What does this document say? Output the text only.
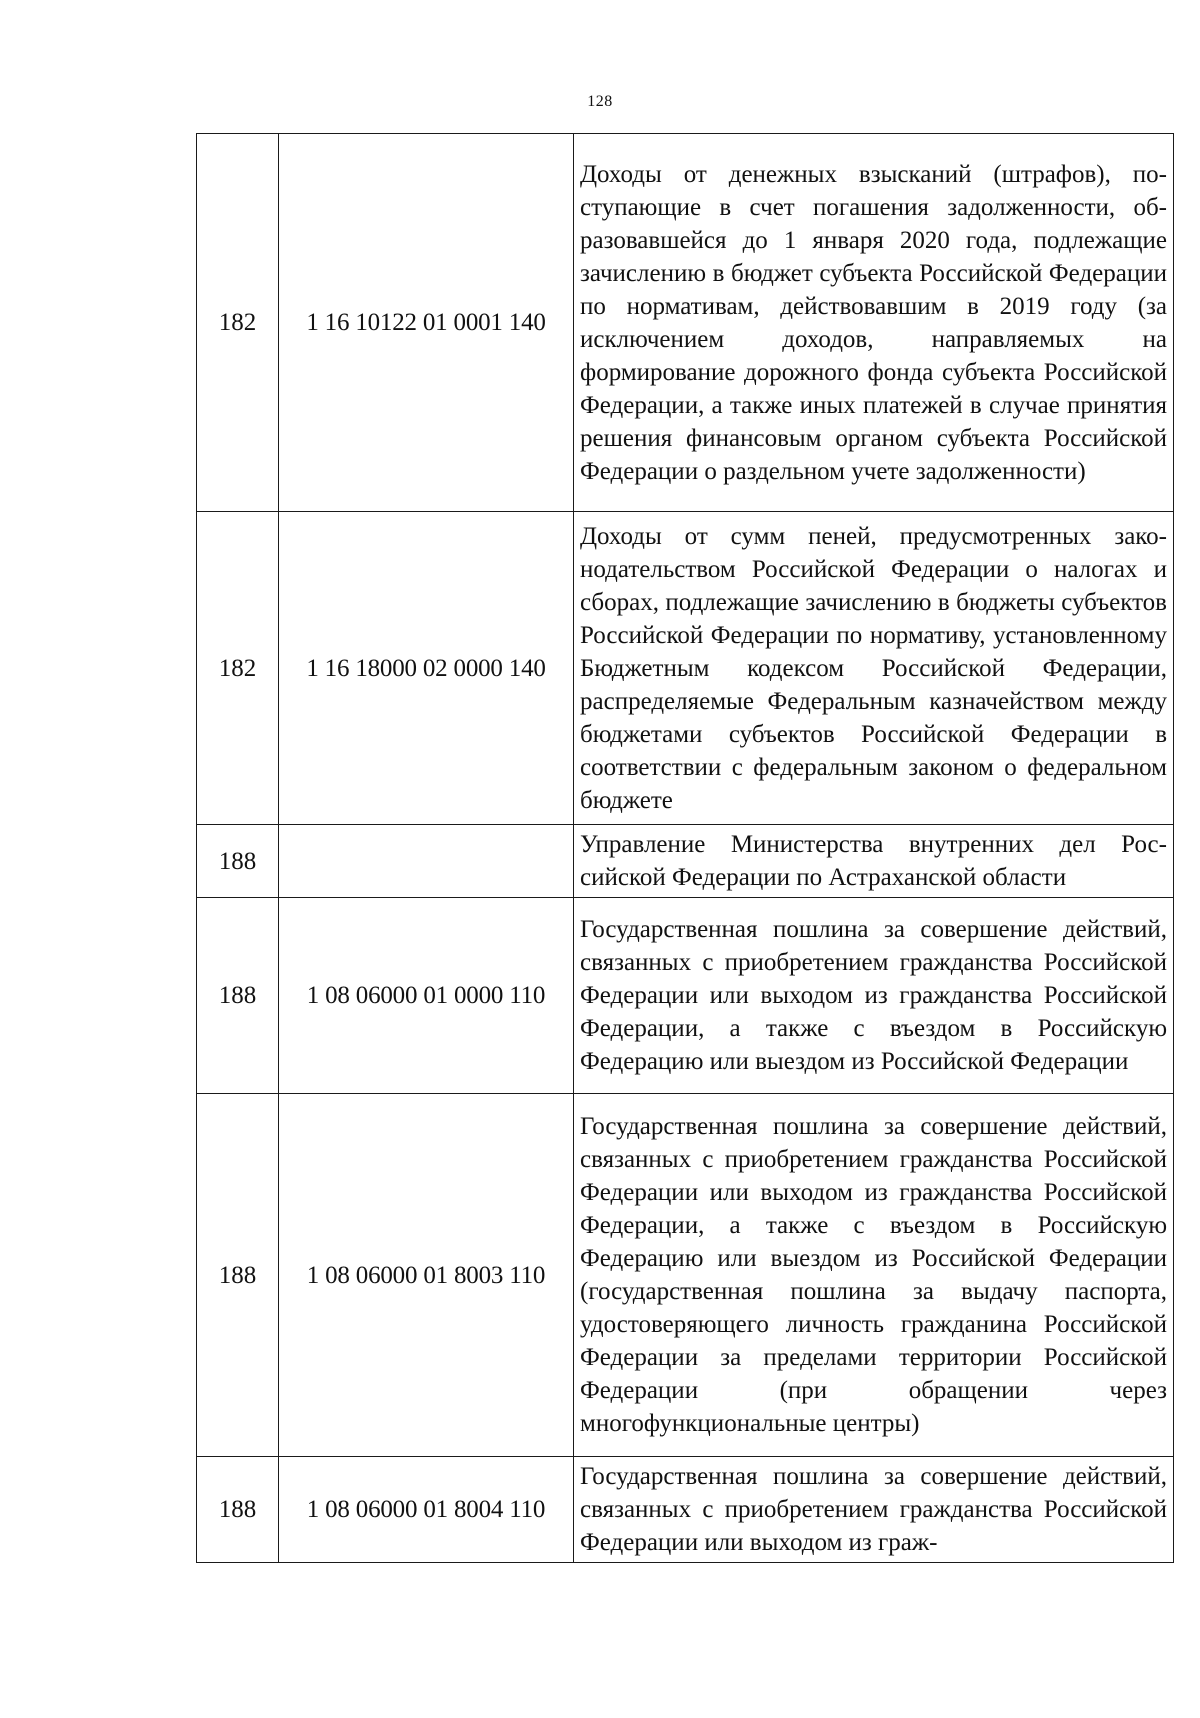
128
182	1 16 10122 01 0001 140	Доходы от денежных взысканий (штрафов), поступающие в счет погашения задолженности, образовавшейся до 1 января 2020 года, подлежащие зачислению в бюджет субъекта Российской Федерации по нормативам, действовавшим в 2019 году (за исключением доходов, направляемых на формирование дорожного фонда субъекта Российской Федерации, а также иных платежей в случае принятия решения финансовым органом субъекта Российской Федерации о раздельном учете задолженности)
182	1 16 18000 02 0000 140	Доходы от сумм пеней, предусмотренных законодательством Российской Федерации о налогах и сборах, подлежащие зачислению в бюджеты субъектов Российской Федерации по нормативу, установленному Бюджетным кодексом Российской Федерации, распределяемые Федеральным казначейством между бюджетами субъектов Российской Федерации в соответствии с федеральным законом о федеральном бюджете
188		Управление Министерства внутренних дел Российской Федерации по Астраханской области
188	1 08 06000 01 0000 110	Государственная пошлина за совершение действий, связанных с приобретением гражданства Российской Федерации или выходом из гражданства Российской Федерации, а также с въездом в Российскую Федерацию или выездом из Российской Федерации
188	1 08 06000 01 8003 110	Государственная пошлина за совершение действий, связанных с приобретением гражданства Российской Федерации или выходом из гражданства Российской Федерации, а также с въездом в Российскую Федерацию или выездом из Российской Федерации (государственная пошлина за выдачу паспорта, удостоверяющего личность гражданина Российской Федерации за пределами территории Российской Федерации (при обращении через многофункциональные центры)
188	1 08 06000 01 8004 110	Государственная пошлина за совершение действий, связанных с приобретением гражданства Российской Федерации или выходом из граж-
